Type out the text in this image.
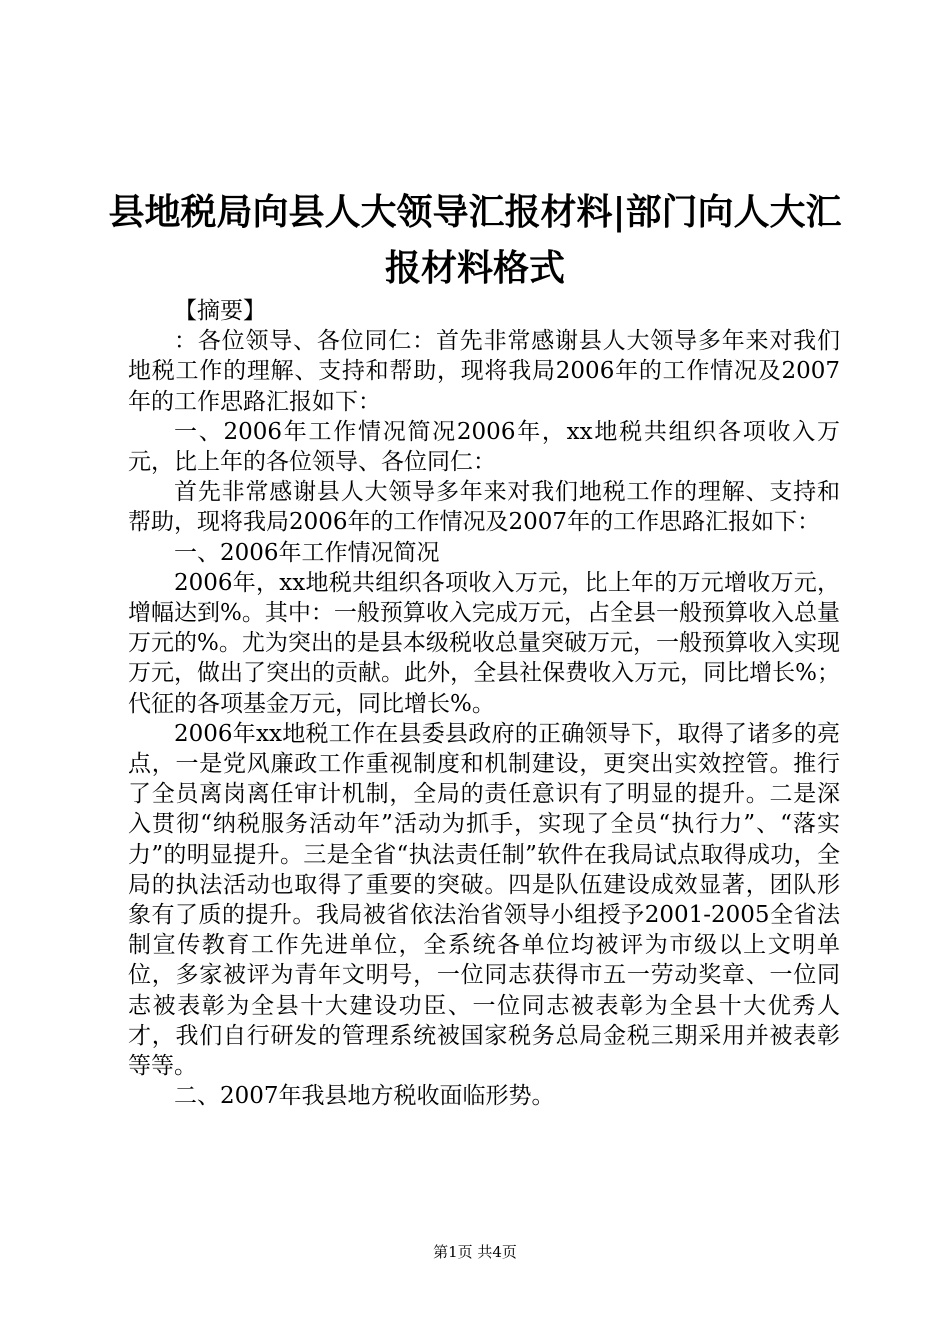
县地税局向县人大领导汇报材料|部门向人大汇报材料格式

【摘要】

：各位领导、各位同仁：首先非常感谢县人大领导多年来对我们地税工作的理解、支持和帮助，现将我局2006年的工作情况及2007年的工作思路汇报如下：

一、2006年工作情况简况2006年，xx地税共组织各项收入万元，比上年的各位领导、各位同仁：

首先非常感谢县人大领导多年来对我们地税工作的理解、支持和帮助，现将我局2006年的工作情况及2007年的工作思路汇报如下：

一、2006年工作情况简况

2006年，xx地税共组织各项收入万元，比上年的万元增收万元，增幅达到%。其中：一般预算收入完成万元，占全县一般预算收入总量万元的%。尤为突出的是县本级税收总量突破万元，一般预算收入实现万元，做出了突出的贡献。此外，全县社保费收入万元，同比增长%；代征的各项基金万元，同比增长%。

2006年xx地税工作在县委县政府的正确领导下，取得了诸多的亮点，一是党风廉政工作重视制度和机制建设，更突出实效控管。推行了全员离岗离任审计机制，全局的责任意识有了明显的提升。二是深入贯彻“纳税服务活动年”活动为抓手，实现了全员“执行力”、“落实力”的明显提升。三是全省“执法责任制”软件在我局试点取得成功，全局的执法活动也取得了重要的突破。四是队伍建设成效显著，团队形象有了质的提升。我局被省依法治省领导小组授予2001-2005全省法制宣传教育工作先进单位，全系统各单位均被评为市级以上文明单位，多家被评为青年文明号，一位同志获得市五一劳动奖章、一位同志被表彰为全县十大建设功臣、一位同志被表彰为全县十大优秀人才，我们自行研发的管理系统被国家税务总局金税三期采用并被表彰等等。

二、2007年我县地方税收面临形势。

第1页 共4页
